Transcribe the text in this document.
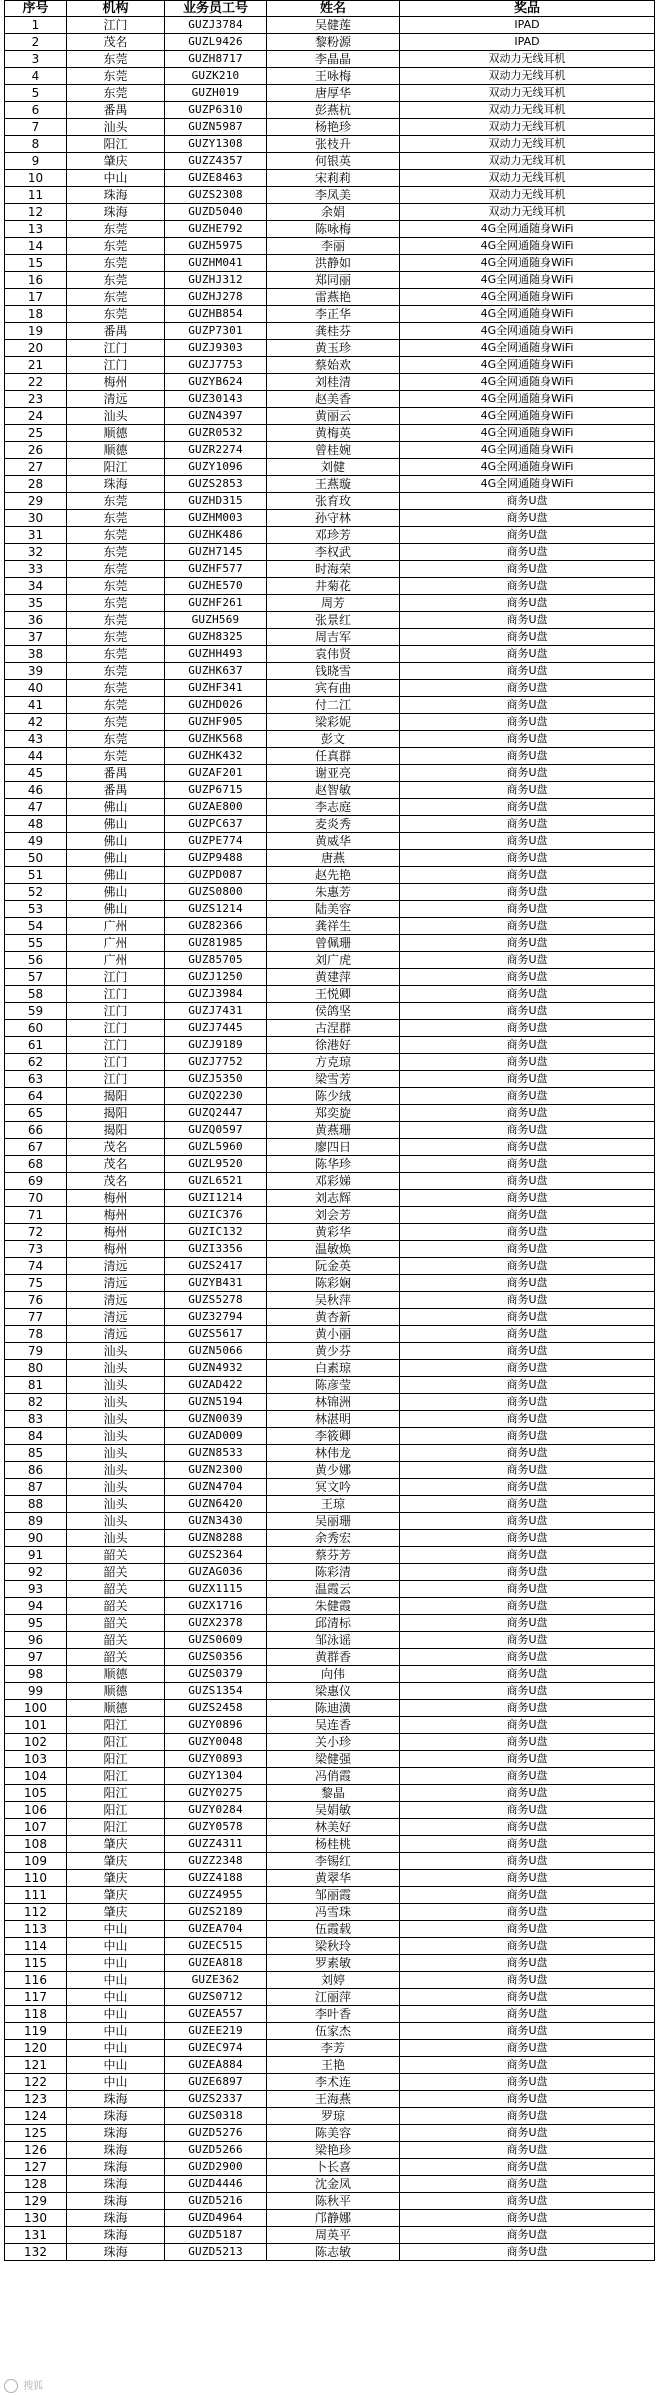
序号	机构	业务员工号	姓名	奖品
1	江门	GUZJ3784	吴健莲	IPAD
2	茂名	GUZL9426	黎粉源	IPAD
3	东莞	GUZH8717	李晶晶	双动力无线耳机
4	东莞	GUZK210	王咏梅	双动力无线耳机
5	东莞	GUZH019	唐厚华	双动力无线耳机
6	番禺	GUZP6310	彭燕杭	双动力无线耳机
7	汕头	GUZN5987	杨艳珍	双动力无线耳机
8	阳江	GUZY1308	张枝升	双动力无线耳机
9	肇庆	GUZZ4357	何银英	双动力无线耳机
10	中山	GUZE8463	宋莉莉	双动力无线耳机
11	珠海	GUZS2308	李凤美	双动力无线耳机
12	珠海	GUZD5040	余娟	双动力无线耳机
13	东莞	GUZHE792	陈咏梅	4G全网通随身WiFi
14	东莞	GUZH5975	李丽	4G全网通随身WiFi
15	东莞	GUZHM041	洪静如	4G全网通随身WiFi
16	东莞	GUZHJ312	郑同丽	4G全网通随身WiFi
17	东莞	GUZHJ278	雷燕艳	4G全网通随身WiFi
18	东莞	GUZHB854	李正华	4G全网通随身WiFi
19	番禺	GUZP7301	龚桂芬	4G全网通随身WiFi
20	江门	GUZJ9303	黄玉珍	4G全网通随身WiFi
21	江门	GUZJ7753	蔡始欢	4G全网通随身WiFi
22	梅州	GUZYB624	刘桂清	4G全网通随身WiFi
23	清远	GUZ30143	赵美香	4G全网通随身WiFi
24	汕头	GUZN4397	黄丽云	4G全网通随身WiFi
25	顺德	GUZR0532	黄梅英	4G全网通随身WiFi
26	顺德	GUZR2274	曾桂婉	4G全网通随身WiFi
27	阳江	GUZY1096	刘健	4G全网通随身WiFi
28	珠海	GUZS2853	王燕璇	4G全网通随身WiFi
29	东莞	GUZHD315	张育玫	商务U盘
30	东莞	GUZHM003	孙守林	商务U盘
31	东莞	GUZHK486	邓珍芳	商务U盘
32	东莞	GUZH7145	李权武	商务U盘
33	东莞	GUZHF577	时海荣	商务U盘
34	东莞	GUZHE570	井菊花	商务U盘
35	东莞	GUZHF261	周芳	商务U盘
36	东莞	GUZH569	张景红	商务U盘
37	东莞	GUZH8325	周吉军	商务U盘
38	东莞	GUZHH493	袁伟贤	商务U盘
39	东莞	GUZHK637	钱晓雪	商务U盘
40	东莞	GUZHF341	宾有曲	商务U盘
41	东莞	GUZHD026	付二江	商务U盘
42	东莞	GUZHF905	梁彩妮	商务U盘
43	东莞	GUZHK568	彭文	商务U盘
44	东莞	GUZHK432	任真群	商务U盘
45	番禺	GUZAF201	谢亚亮	商务U盘
46	番禺	GUZP6715	赵智敏	商务U盘
47	佛山	GUZAE800	李志庭	商务U盘
48	佛山	GUZPC637	麦炎秀	商务U盘
49	佛山	GUZPE774	黄威华	商务U盘
50	佛山	GUZP9488	唐燕	商务U盘
51	佛山	GUZPD087	赵先艳	商务U盘
52	佛山	GUZS0800	朱惠芳	商务U盘
53	佛山	GUZS1214	陆美容	商务U盘
54	广州	GUZ82366	龚祥生	商务U盘
55	广州	GUZ81985	曾佩珊	商务U盘
56	广州	GUZ85705	刘广虎	商务U盘
57	江门	GUZJ1250	黄建萍	商务U盘
58	江门	GUZJ3984	王悦卿	商务U盘
59	江门	GUZJ7431	侯鸽坚	商务U盘
60	江门	GUZJ7445	古涅群	商务U盘
61	江门	GUZJ9189	徐港好	商务U盘
62	江门	GUZJ7752	方克琼	商务U盘
63	江门	GUZJ5350	梁雪芳	商务U盘
64	揭阳	GUZQ2230	陈少绒	商务U盘
65	揭阳	GUZQ2447	郑奕旋	商务U盘
66	揭阳	GUZQ0597	黄燕珊	商务U盘
67	茂名	GUZL5960	廖四日	商务U盘
68	茂名	GUZL9520	陈华珍	商务U盘
69	茂名	GUZL6521	邓彩娣	商务U盘
70	梅州	GUZI1214	刘志辉	商务U盘
71	梅州	GUZIC376	刘会芳	商务U盘
72	梅州	GUZIC132	黄彩华	商务U盘
73	梅州	GUZI3356	温敏焕	商务U盘
74	清远	GUZS2417	阮金英	商务U盘
75	清远	GUZYB431	陈彩娴	商务U盘
76	清远	GUZS5278	吴秋萍	商务U盘
77	清远	GUZ32794	黄杏新	商务U盘
78	清远	GUZS5617	黄小丽	商务U盘
79	汕头	GUZN5066	黄少芬	商务U盘
80	汕头	GUZN4932	白素琼	商务U盘
81	汕头	GUZAD422	陈彦莹	商务U盘
82	汕头	GUZN5194	林锦洲	商务U盘
83	汕头	GUZN0039	林湛明	商务U盘
84	汕头	GUZAD009	李筱卿	商务U盘
85	汕头	GUZN8533	林伟龙	商务U盘
86	汕头	GUZN2300	黄少娜	商务U盘
87	汕头	GUZN4704	冥文吟	商务U盘
88	汕头	GUZN6420	王琼	商务U盘
89	汕头	GUZN3430	吴丽珊	商务U盘
90	汕头	GUZN8288	余秀宏	商务U盘
91	韶关	GUZS2364	蔡芬芳	商务U盘
92	韶关	GUZAG036	陈彩清	商务U盘
93	韶关	GUZX1115	温霞云	商务U盘
94	韶关	GUZX1716	朱健霞	商务U盘
95	韶关	GUZX2378	邱清标	商务U盘
96	韶关	GUZS0609	邹泳谣	商务U盘
97	韶关	GUZS0356	黄群香	商务U盘
98	顺德	GUZS0379	向伟	商务U盘
99	顺德	GUZS1354	梁惠仪	商务U盘
100	顺德	GUZS2458	陈迪潢	商务U盘
101	阳江	GUZY0896	吴连香	商务U盘
102	阳江	GUZY0048	关小珍	商务U盘
103	阳江	GUZY0893	梁健强	商务U盘
104	阳江	GUZY1304	冯俏霞	商务U盘
105	阳江	GUZY0275	黎晶	商务U盘
106	阳江	GUZY0284	吴娟敏	商务U盘
107	阳江	GUZY0578	林美好	商务U盘
108	肇庆	GUZZ4311	杨桂桃	商务U盘
109	肇庆	GUZZ2348	李锡红	商务U盘
110	肇庆	GUZZ4188	黄翠华	商务U盘
111	肇庆	GUZZ4955	邹丽霞	商务U盘
112	肇庆	GUZS2189	冯雪珠	商务U盘
113	中山	GUZEA704	伍霞载	商务U盘
114	中山	GUZEC515	梁秋玲	商务U盘
115	中山	GUZEA818	罗素敏	商务U盘
116	中山	GUZE362	刘婷	商务U盘
117	中山	GUZS0712	江丽萍	商务U盘
118	中山	GUZEA557	李叶香	商务U盘
119	中山	GUZEE219	伍家杰	商务U盘
120	中山	GUZEC974	李芳	商务U盘
121	中山	GUZEA884	王艳	商务U盘
122	中山	GUZE6897	李术连	商务U盘
123	珠海	GUZS2337	王海燕	商务U盘
124	珠海	GUZS0318	罗琼	商务U盘
125	珠海	GUZD5276	陈美容	商务U盘
126	珠海	GUZD5266	梁艳珍	商务U盘
127	珠海	GUZD2900	卜长喜	商务U盘
128	珠海	GUZD4446	沈金凤	商务U盘
129	珠海	GUZD5216	陈秋平	商务U盘
130	珠海	GUZD4964	邝静娜	商务U盘
131	珠海	GUZD5187	周英平	商务U盘
132	珠海	GUZD5213	陈志敏	商务U盘
搜狐
